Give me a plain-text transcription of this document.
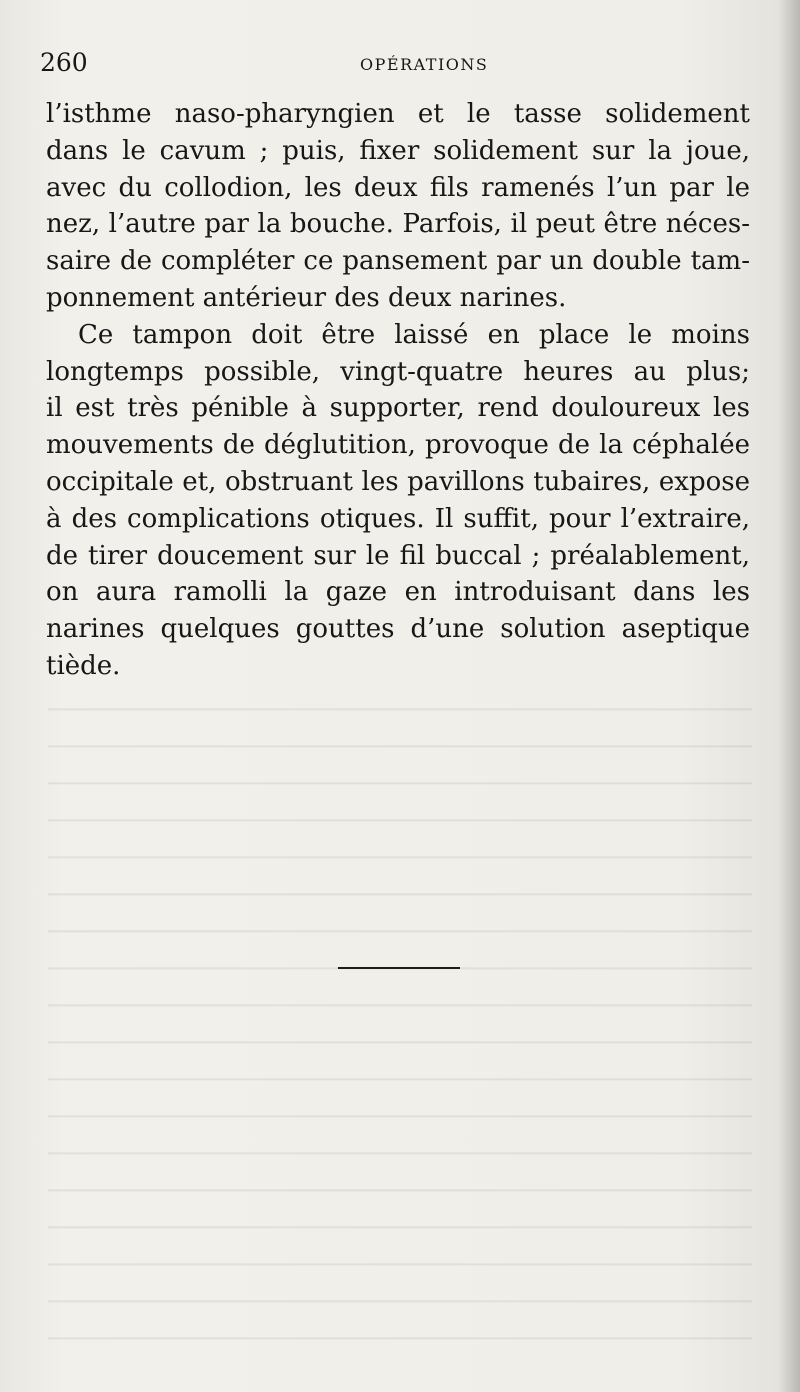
260	OPÉRATIONS
l’isthme naso-pharyngien et le tasse solidement
dans le cavum ; puis, fixer solidement sur la joue,
avec du collodion, les deux fils ramenés l’un par le
nez, l’autre par la bouche. Parfois, il peut être néces-
saire de compléter ce pansement par un double tam-
ponnement antérieur des deux narines.
Ce tampon doit être laissé en place le moins
longtemps possible, vingt-quatre heures au plus;
il est très pénible à supporter, rend douloureux les
mouvements de déglutition, provoque de la céphalée
occipitale et, obstruant les pavillons tubaires, expose
à des complications otiques. Il suffit, pour l’extraire,
de tirer doucement sur le fil buccal ; préalablement,
on aura ramolli la gaze en introduisant dans les
narines quelques gouttes d’une solution aseptique
tiède.
